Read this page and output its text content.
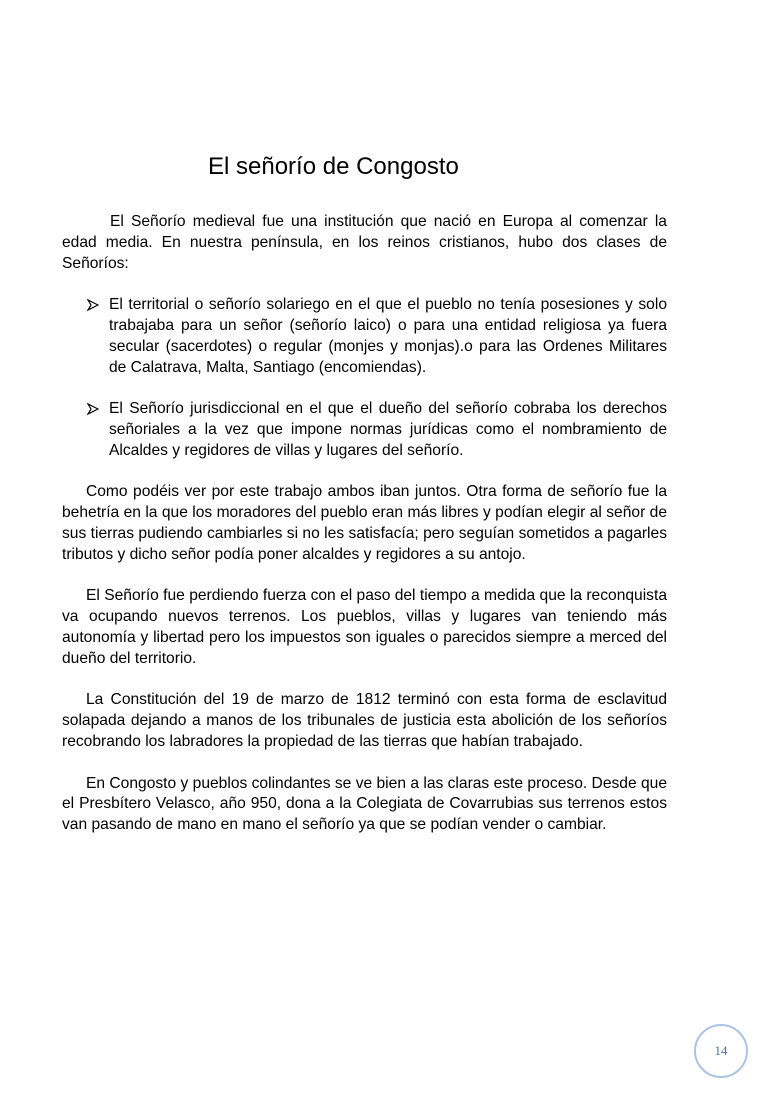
El señorío de Congosto

El Señorío medieval fue una institución que nació en Europa al comenzar la edad media. En nuestra península, en los reinos cristianos, hubo dos clases de Señoríos:

El territorial o señorío solariego en el que el pueblo no tenía posesiones y solo trabajaba para un señor (señorío laico) o para una entidad religiosa ya fuera secular (sacerdotes) o regular (monjes y monjas).o para las Ordenes Militares de Calatrava, Malta, Santiago (encomiendas).
El Señorío jurisdiccional en el que el dueño del señorío cobraba los derechos señoriales a la vez que impone normas jurídicas como el nombramiento de Alcaldes y regidores de villas y lugares del señorío.

Como podéis ver por este trabajo ambos iban juntos. Otra forma de señorío fue la behetría en la que los moradores del pueblo eran más libres y podían elegir al señor de sus tierras pudiendo cambiarles si no les satisfacía; pero seguían sometidos a pagarles tributos y dicho señor podía poner alcaldes y regidores a su antojo.

El Señorío fue perdiendo fuerza con el paso del tiempo a medida que la reconquista va ocupando nuevos terrenos. Los pueblos, villas y lugares van teniendo más autonomía y libertad pero los impuestos son iguales o parecidos siempre a merced del dueño del territorio.

La Constitución del 19 de marzo de 1812 terminó con esta forma de esclavitud solapada dejando a manos de los tribunales de justicia esta abolición de los señoríos recobrando los labradores la propiedad de las tierras que habían trabajado.

En Congosto y pueblos colindantes se ve bien a las claras este proceso. Desde que el Presbítero Velasco, año 950, dona a la Colegiata de Covarrubias sus terrenos estos van pasando de mano en mano el señorío ya que se podían vender o cambiar.

14
